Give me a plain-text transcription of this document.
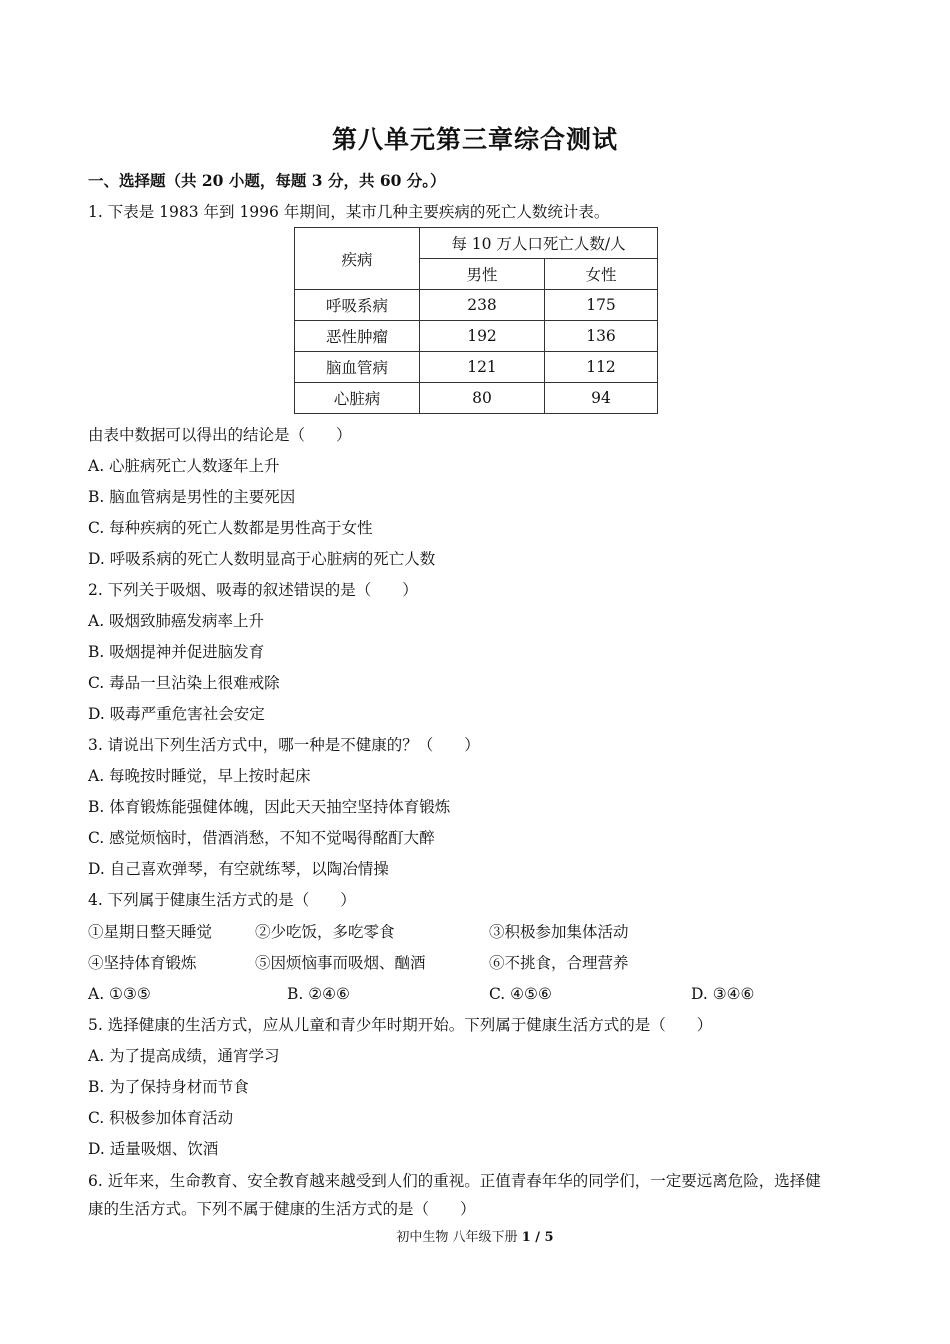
第八单元第三章综合测试
一、选择题（共 20 小题，每题 3 分，共 60 分。）
1. 下表是 1983 年到 1996 年期间，某市几种主要疾病的死亡人数统计表。
疾病	每 10 万人口死亡人数/人	
	男性	女性
呼吸系病	238	175
恶性肿瘤	192	136
脑血管病	121	112
心脏病	80	94
由表中数据可以得出的结论是（　　）
A. 心脏病死亡人数逐年上升
B. 脑血管病是男性的主要死因
C. 每种疾病的死亡人数都是男性高于女性
D. 呼吸系病的死亡人数明显高于心脏病的死亡人数
2. 下列关于吸烟、吸毒的叙述错误的是（　　）
A. 吸烟致肺癌发病率上升
B. 吸烟提神并促进脑发育
C. 毒品一旦沾染上很难戒除
D. 吸毒严重危害社会安定
3. 请说出下列生活方式中，哪一种是不健康的？（　　）
A. 每晚按时睡觉，早上按时起床
B. 体育锻炼能强健体魄，因此天天抽空坚持体育锻炼
C. 感觉烦恼时，借酒消愁，不知不觉喝得酩酊大醉
D. 自己喜欢弹琴，有空就练琴，以陶冶情操
4. 下列属于健康生活方式的是（　　）
①星期日整天睡觉	②少吃饭，多吃零食	③积极参加集体活动
④坚持体育锻炼	⑤因烦恼事而吸烟、酗酒	⑥不挑食，合理营养
A. ①③⑤	B. ②④⑥	C. ④⑤⑥	D. ③④⑥
5. 选择健康的生活方式，应从儿童和青少年时期开始。下列属于健康生活方式的是（　　）
A. 为了提高成绩，通宵学习
B. 为了保持身材而节食
C. 积极参加体育活动
D. 适量吸烟、饮酒
6. 近年来，生命教育、安全教育越来越受到人们的重视。正值青春年华的同学们，一定要远离危险，选择健
康的生活方式。下列不属于健康的生活方式的是（　　）
初中生物 八年级下册 1 / 5
